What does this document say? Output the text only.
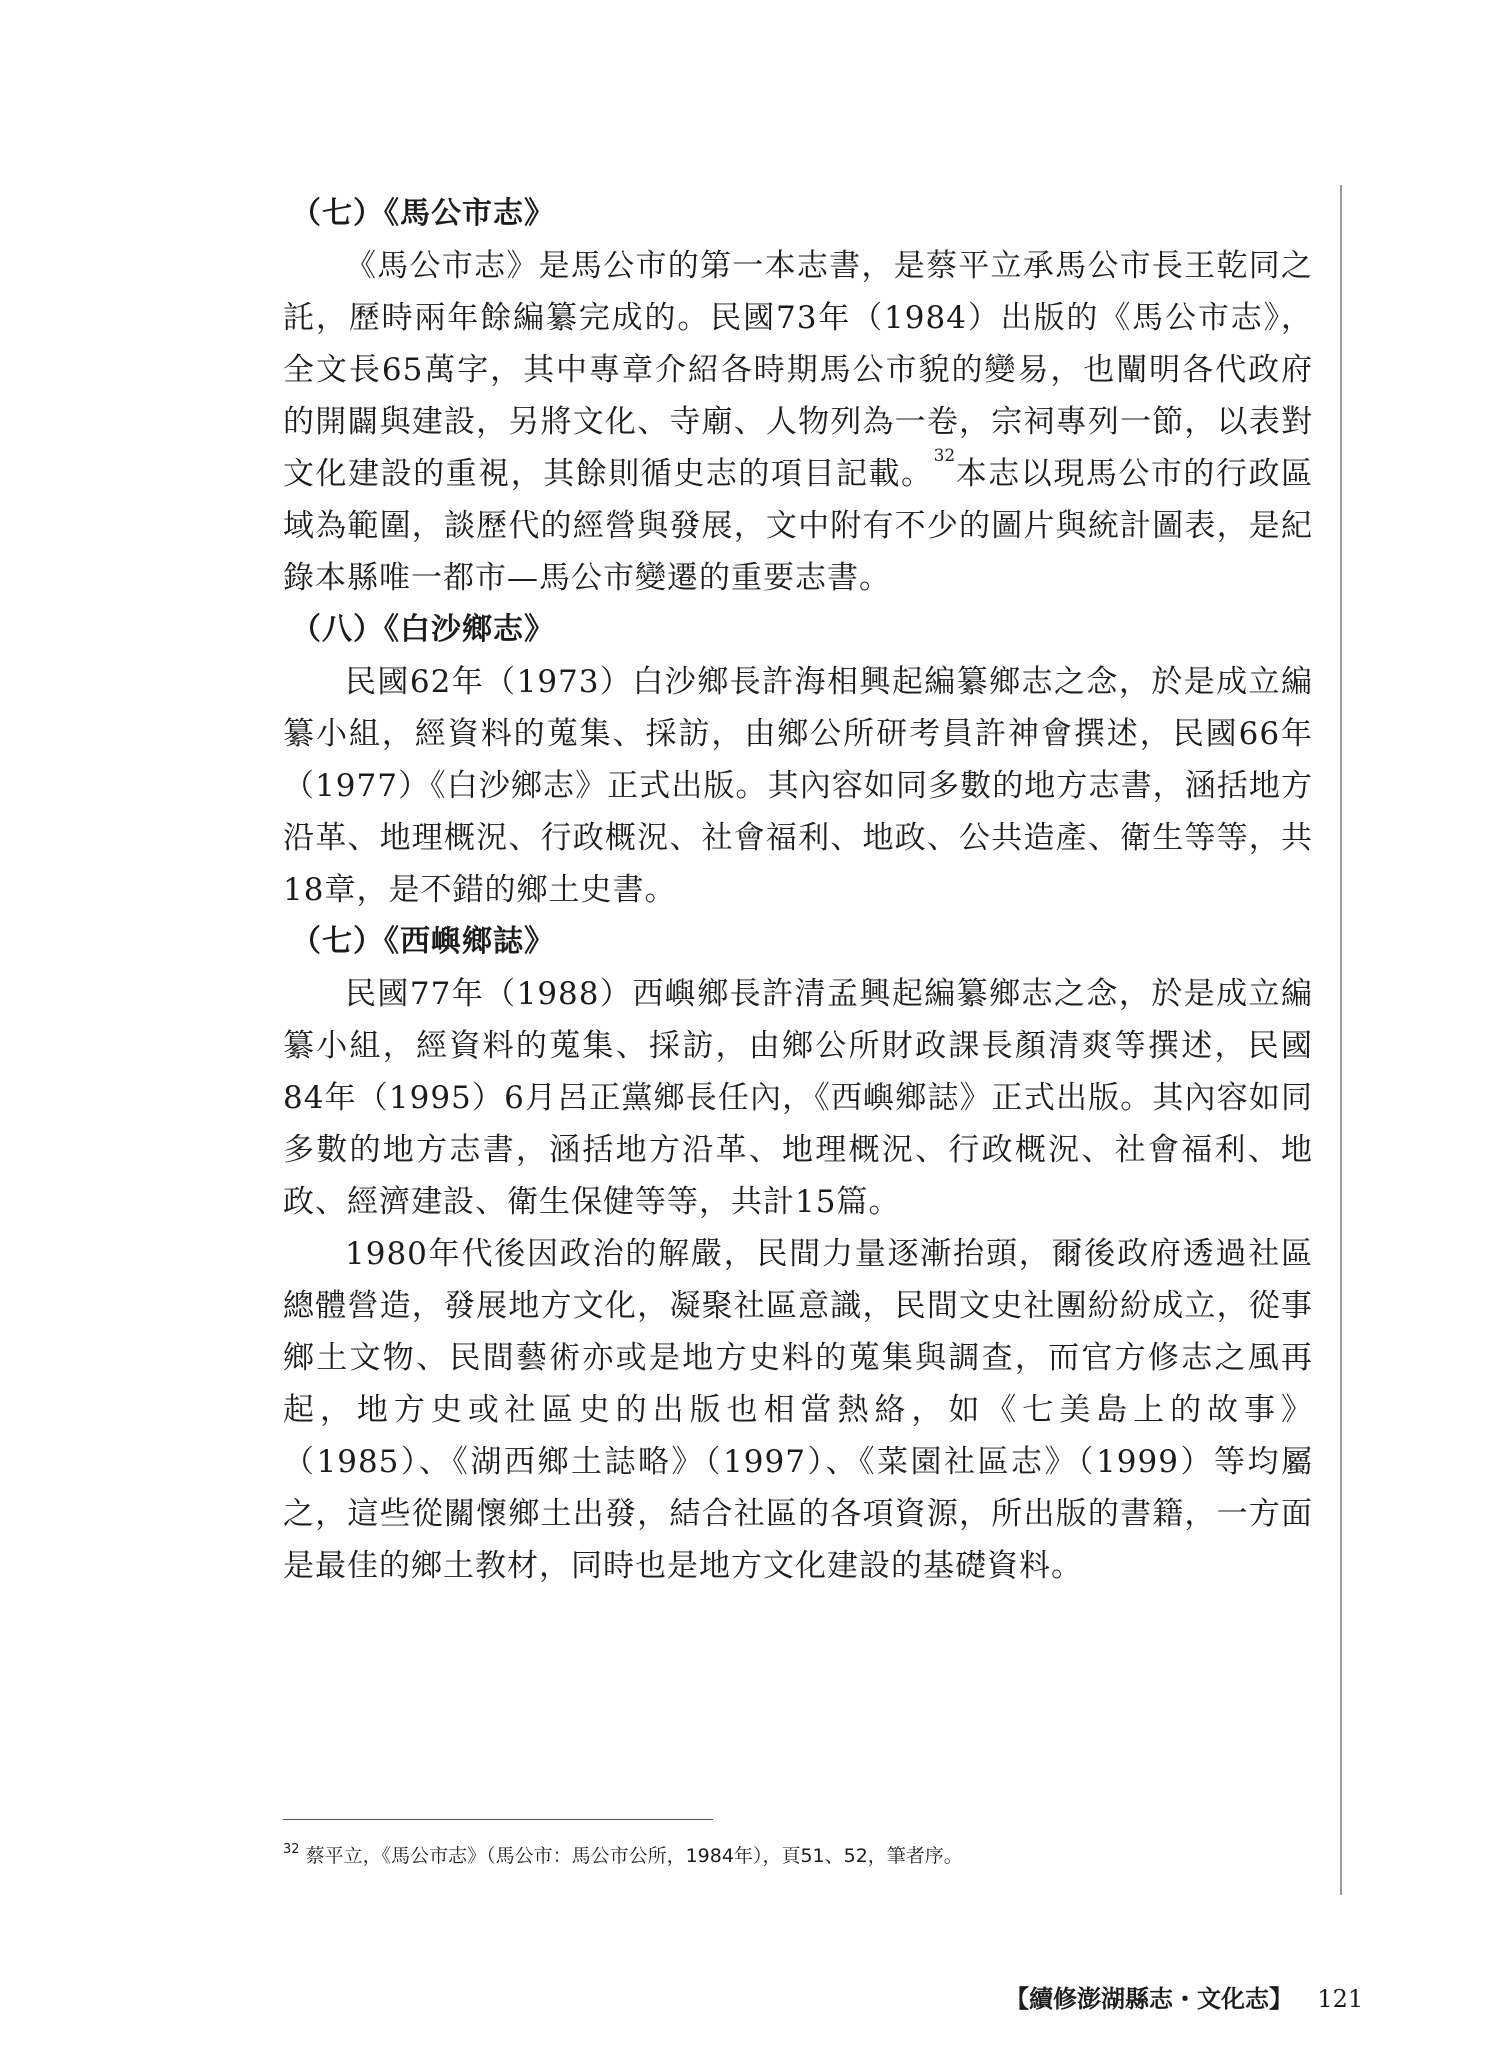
（七）《馬公市志》

《馬公市志》是馬公市的第一本志書，是蔡平立承馬公市長王乾同之託，歷時兩年餘編纂完成的。民國73年（1984）出版的《馬公市志》，全文長65萬字，其中專章介紹各時期馬公市貌的變易，也闡明各代政府的開闢與建設，另將文化、寺廟、人物列為一卷，宗祠專列一節，以表對文化建設的重視，其餘則循史志的項目記載。$^{32}$本志以現馬公市的行政區域為範圍，談歷代的經營與發展，文中附有不少的圖片與統計圖表，是紀錄本縣唯一都市—馬公市變遷的重要志書。

（八）《白沙鄉志》

民國62年（1973）白沙鄉長許海相興起編纂鄉志之念，於是成立編纂小組，經資料的蒐集、採訪，由鄉公所研考員許神會撰述，民國66年（1977）《白沙鄉志》正式出版。其內容如同多數的地方志書，涵括地方沿革、地理概況、行政概況、社會福利、地政、公共造產、衛生等等，共18章，是不錯的鄉土史書。

（七）《西嶼鄉誌》

民國77年（1988）西嶼鄉長許清孟興起編纂鄉志之念，於是成立編纂小組，經資料的蒐集、採訪，由鄉公所財政課長顏清爽等撰述，民國84年（1995）6月呂正黨鄉長任內，《西嶼鄉誌》正式出版。其內容如同多數的地方志書，涵括地方沿革、地理概況、行政概況、社會福利、地政、經濟建設、衛生保健等等，共計15篇。

1980年代後因政治的解嚴，民間力量逐漸抬頭，爾後政府透過社區總體營造，發展地方文化，凝聚社區意識，民間文史社團紛紛成立，從事鄉土文物、民間藝術亦或是地方史料的蒐集與調查，而官方修志之風再起，地方史或社區史的出版也相當熱絡，如《七美島上的故事》（1985）、《湖西鄉土誌略》（1997）、《菜園社區志》（1999）等均屬之，這些從關懷鄉土出發，結合社區的各項資源，所出版的書籍，一方面是最佳的鄉土教材，同時也是地方文化建設的基礎資料。

$^{32}$ 蔡平立，《馬公市志》（馬公市：馬公市公所，1984年），頁51、52，筆者序。
【續修澎湖縣志・文化志】 121
